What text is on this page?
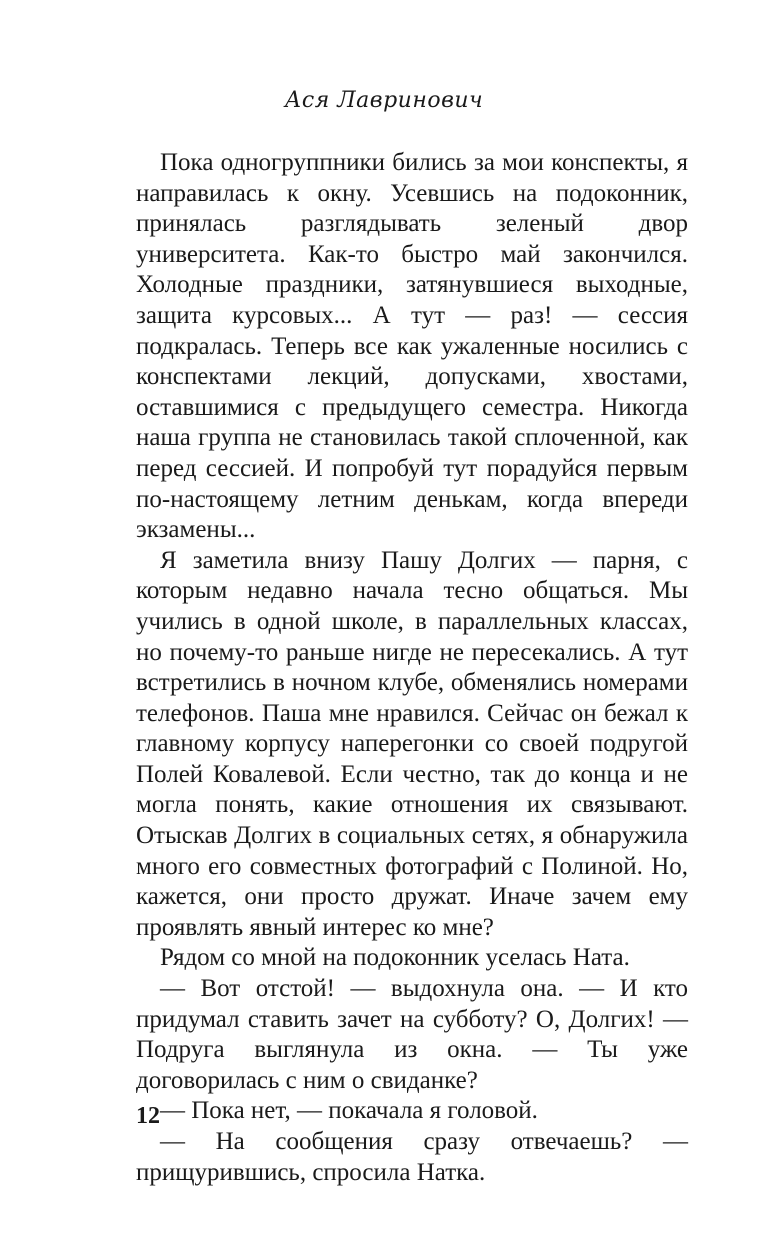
Ася Лавринович

Пока одногруппники бились за мои конспекты, я направилась к окну. Усевшись на подоконник, принялась разглядывать зеленый двор университета. Как-то быстро май закончился. Холодные праздники, затянувшиеся выходные, защита курсовых... А тут — раз! — сессия подкралась. Теперь все как ужаленные носились с конспектами лекций, допусками, хвостами, оставшимися с предыдущего семестра. Никогда наша группа не становилась такой сплоченной, как перед сессией. И попробуй тут порадуйся первым по-настоящему летним денькам, когда впереди экзамены...

Я заметила внизу Пашу Долгих — парня, с которым недавно начала тесно общаться. Мы учились в одной школе, в параллельных классах, но почему-то раньше нигде не пересекались. А тут встретились в ночном клубе, обменялись номерами телефонов. Паша мне нравился. Сейчас он бежал к главному корпусу наперегонки со своей подругой Полей Ковалевой. Если честно, так до конца и не могла понять, какие отношения их связывают. Отыскав Долгих в социальных сетях, я обнаружила много его совместных фотографий с Полиной. Но, кажется, они просто дружат. Иначе зачем ему проявлять явный интерес ко мне?

Рядом со мной на подоконник уселась Ната.

— Вот отстой! — выдохнула она. — И кто придумал ставить зачет на субботу? О, Долгих! — Подруга выглянула из окна. — Ты уже договорилась с ним о свиданке?

— Пока нет, — покачала я головой.

— На сообщения сразу отвечаешь? — прищурившись, спросила Натка.

12
